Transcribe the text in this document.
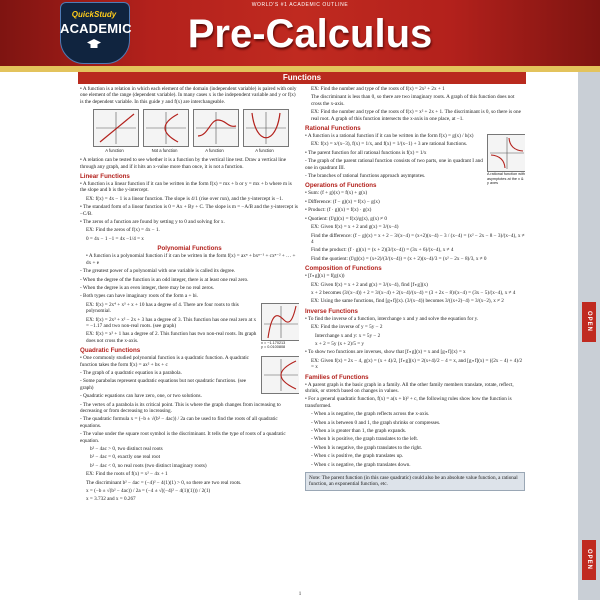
WORLD'S #1 ACADEMIC OUTLINE
QuickStudy
ACADEMIC	Pre-Calculus
OPEN
OPEN
Functions

• A function is a relation in which each element of the domain (independent variable) is paired with only one element of the range (dependent variable). In many cases x is the independent variable and y or f(x) is the dependent variable. In this guide y and f(x) are interchangeable.

A function	Not a function	A function	A function

• A relation can be tested to see whether it is a function by the vertical line test. Draw a vertical line through any graph, and if it hits an x-value more than once, it is not a function.

Linear Functions

• A function is a linear function if it can be written in the form f(x) = mx + b or y = mx + b where m is the slope and b is the y-intercept.

EX: f(x) = 4x − 1 is a linear function. The slope is 4/1 (rise over run), and the y-intercept is −1.

• The standard form of a linear function is 0 = Ax + By + C. The slope is m = −A/B and the y-intercept is −C/B.

• The zeros of a function are found by setting y to 0 and solving for x.

EX: Find the zeros of f(x) = 4x − 1.

0 = 4x − 1 −1 = 4x −1/4 = x

Polynomial Functions

• A function is a polynomial function if it can be written in the form f(x) = axⁿ + bxⁿ⁻¹ + cxⁿ⁻² + … + dx + e

- The greatest power of a polynomial with one variable is called its degree.

- When the degree of the function is an odd integer, there is at least one real zero.

- When the degree is an even integer, there may be no real zeros.

- Both types can have imaginary roots of the form a + bi.

x = −1.170213
y = 0.0100808

EX: f(x) = 2x⁴ + x³ + x + 10 has a degree of 4. There are four roots to this polynomial.

EX: f(x) = 2x³ + x² − 2x + 3 has a degree of 3. This function has one real zero at x = −1.17 and two non-real roots. (see graph)

EX: f(x) = x² + 1 has a degree of 2. This function has two non-real roots. Its graph does not cross the x-axis.

Quadratic Functions

• One commonly studied polynomial function is a quadratic function. A quadratic function takes the form f(x) = ax² + bx + c

- The graph of a quadratic equation is a parabola.

- Some parabolas represent quadratic equations but not quadratic functions. (see graph)

- Quadratic equations can have zero, one, or two solutions.

- The vertex of a parabola is its critical point. This is where the graph changes from increasing to decreasing or from decreasing to increasing.

- The quadratic formula x = (−b ± √(b² − 4ac)) / 2a can be used to find the roots of all quadratic equations.

- The value under the square root symbol is the discriminant. It tells the type of roots of a quadratic equation.

b² − 4ac > 0, two distinct real roots

b² − 4ac = 0, exactly one real root

b² − 4ac < 0, no real roots (two distinct imaginary roots)

EX: Find the roots of f(x) = x² − 4x + 1

The discriminant b² − 4ac = (−4)² − 4(1)(1) > 0, so there are two real roots.

x = (−b ± √(b² − 4ac)) / 2a = (−4 ± √((−4)² − 4(1)(1))) / 2(1)

x = 3.732 and x = 0.267

EX: Find the number and type of the roots of f(x) = 2x² + 2x + 1

The discriminant is less than 0, so there are two imaginary roots. A graph of this function does not cross the x-axis.

EX: Find the number and type of the roots of f(x) = x² + 2x + 1. The discriminant is 0, so there is one real root. A graph of this function intersects the x-axis in one place, at −1.

Rational Functions
A rational function with asymptotes at the x & y axes

• A function is a rational function if it can be written in the form f(x) = g(x) / h(x)

EX: f(x) = x/(x−3), f(x) = 1/x, and f(x) = 1/(x−1) + 3 are rational functions.

• The parent function for all rational functions is f(x) = 1/x

- The graph of the parent rational function consists of two parts, one in quadrant I and one in quadrant III.

- The branches of rational functions approach asymptotes.

Operations of Functions

• Sum: (f + g)(x) = f(x) + g(x)

• Difference: (f − g)(x) = f(x) − g(x)

• Product: (f · g)(x) = f(x) · g(x)

• Quotient: (f/g)(x) = f(x)/g(x), g(x) ≠ 0

EX: Given f(x) = x + 2 and g(x) = 3/(x−4)

Find the difference: (f − g)(x) = x + 2 − 3/(x−4) = (x+2)(x−4) − 3 / (x−4) = (x² − 2x − 8 − 3)/(x−4), x ≠ 4

Find the product: (f · g)(x) = (x + 2)(3/(x−4)) = (3x + 6)/(x−4), x ≠ 4

Find the quotient: (f/g)(x) = (x+2)/(3/(x−4)) = (x + 2)(x−4)/3 = (x² − 2x − 8)/3, x ≠ 0

Composition of Functions

• [f∘g](x) = f(g(x))

EX: Given f(x) = x + 2 and g(x) = 3/(x−4), find [f∘g](x)

x + 2 becomes (3/(x−4)) + 2 = 3/(x−4) + 2(x−4)/(x−4) = (3 + 2x − 8)/(x−4) = (3x − 5)/(x−4), x ≠ 4

EX: Using the same functions, find [g∘f](x). (3/(x−4)) becomes 3/((x+2)−4) = 3/(x−2), x ≠ 2

Inverse Functions

• To find the inverse of a function, interchange x and y and solve the equation for y.

EX: Find the inverse of y = 5y − 2

Interchange x and y: x = 5y − 2

x + 2 = 5y (x + 2)/5 = y

• To show two functions are inverses, show that [f∘g](x) = x and [g∘f](x) = x

EX: Given f(x) = 2x − 4, g(x) = (x + 4)/2, [f∘g](x) = 2(x+4)/2 − 4 = x, and [g∘f](x) = ((2x − 4) + 4)/2 = x

Families of Functions

• A parent graph is the basic graph in a family. All the other family members translate, rotate, reflect, shrink, or stretch based on changes in values.

• For a general quadratic function, f(x) = a(x + b)² + c, the following rules show how the function is transformed.

- When a is negative, the graph reflects across the x-axis.

- When a is between 0 and 1, the graph shrinks or compresses.

- When a is greater than 1, the graph expands.

- When b is positive, the graph translates to the left.

- When b is negative, the graph translates to the right.

- When c is positive, the graph translates up.

- When c is negative, the graph translates down.

Note: The parent function (in this case quadratic) could also be an absolute value function, a rational function, an exponential function, etc.
1
